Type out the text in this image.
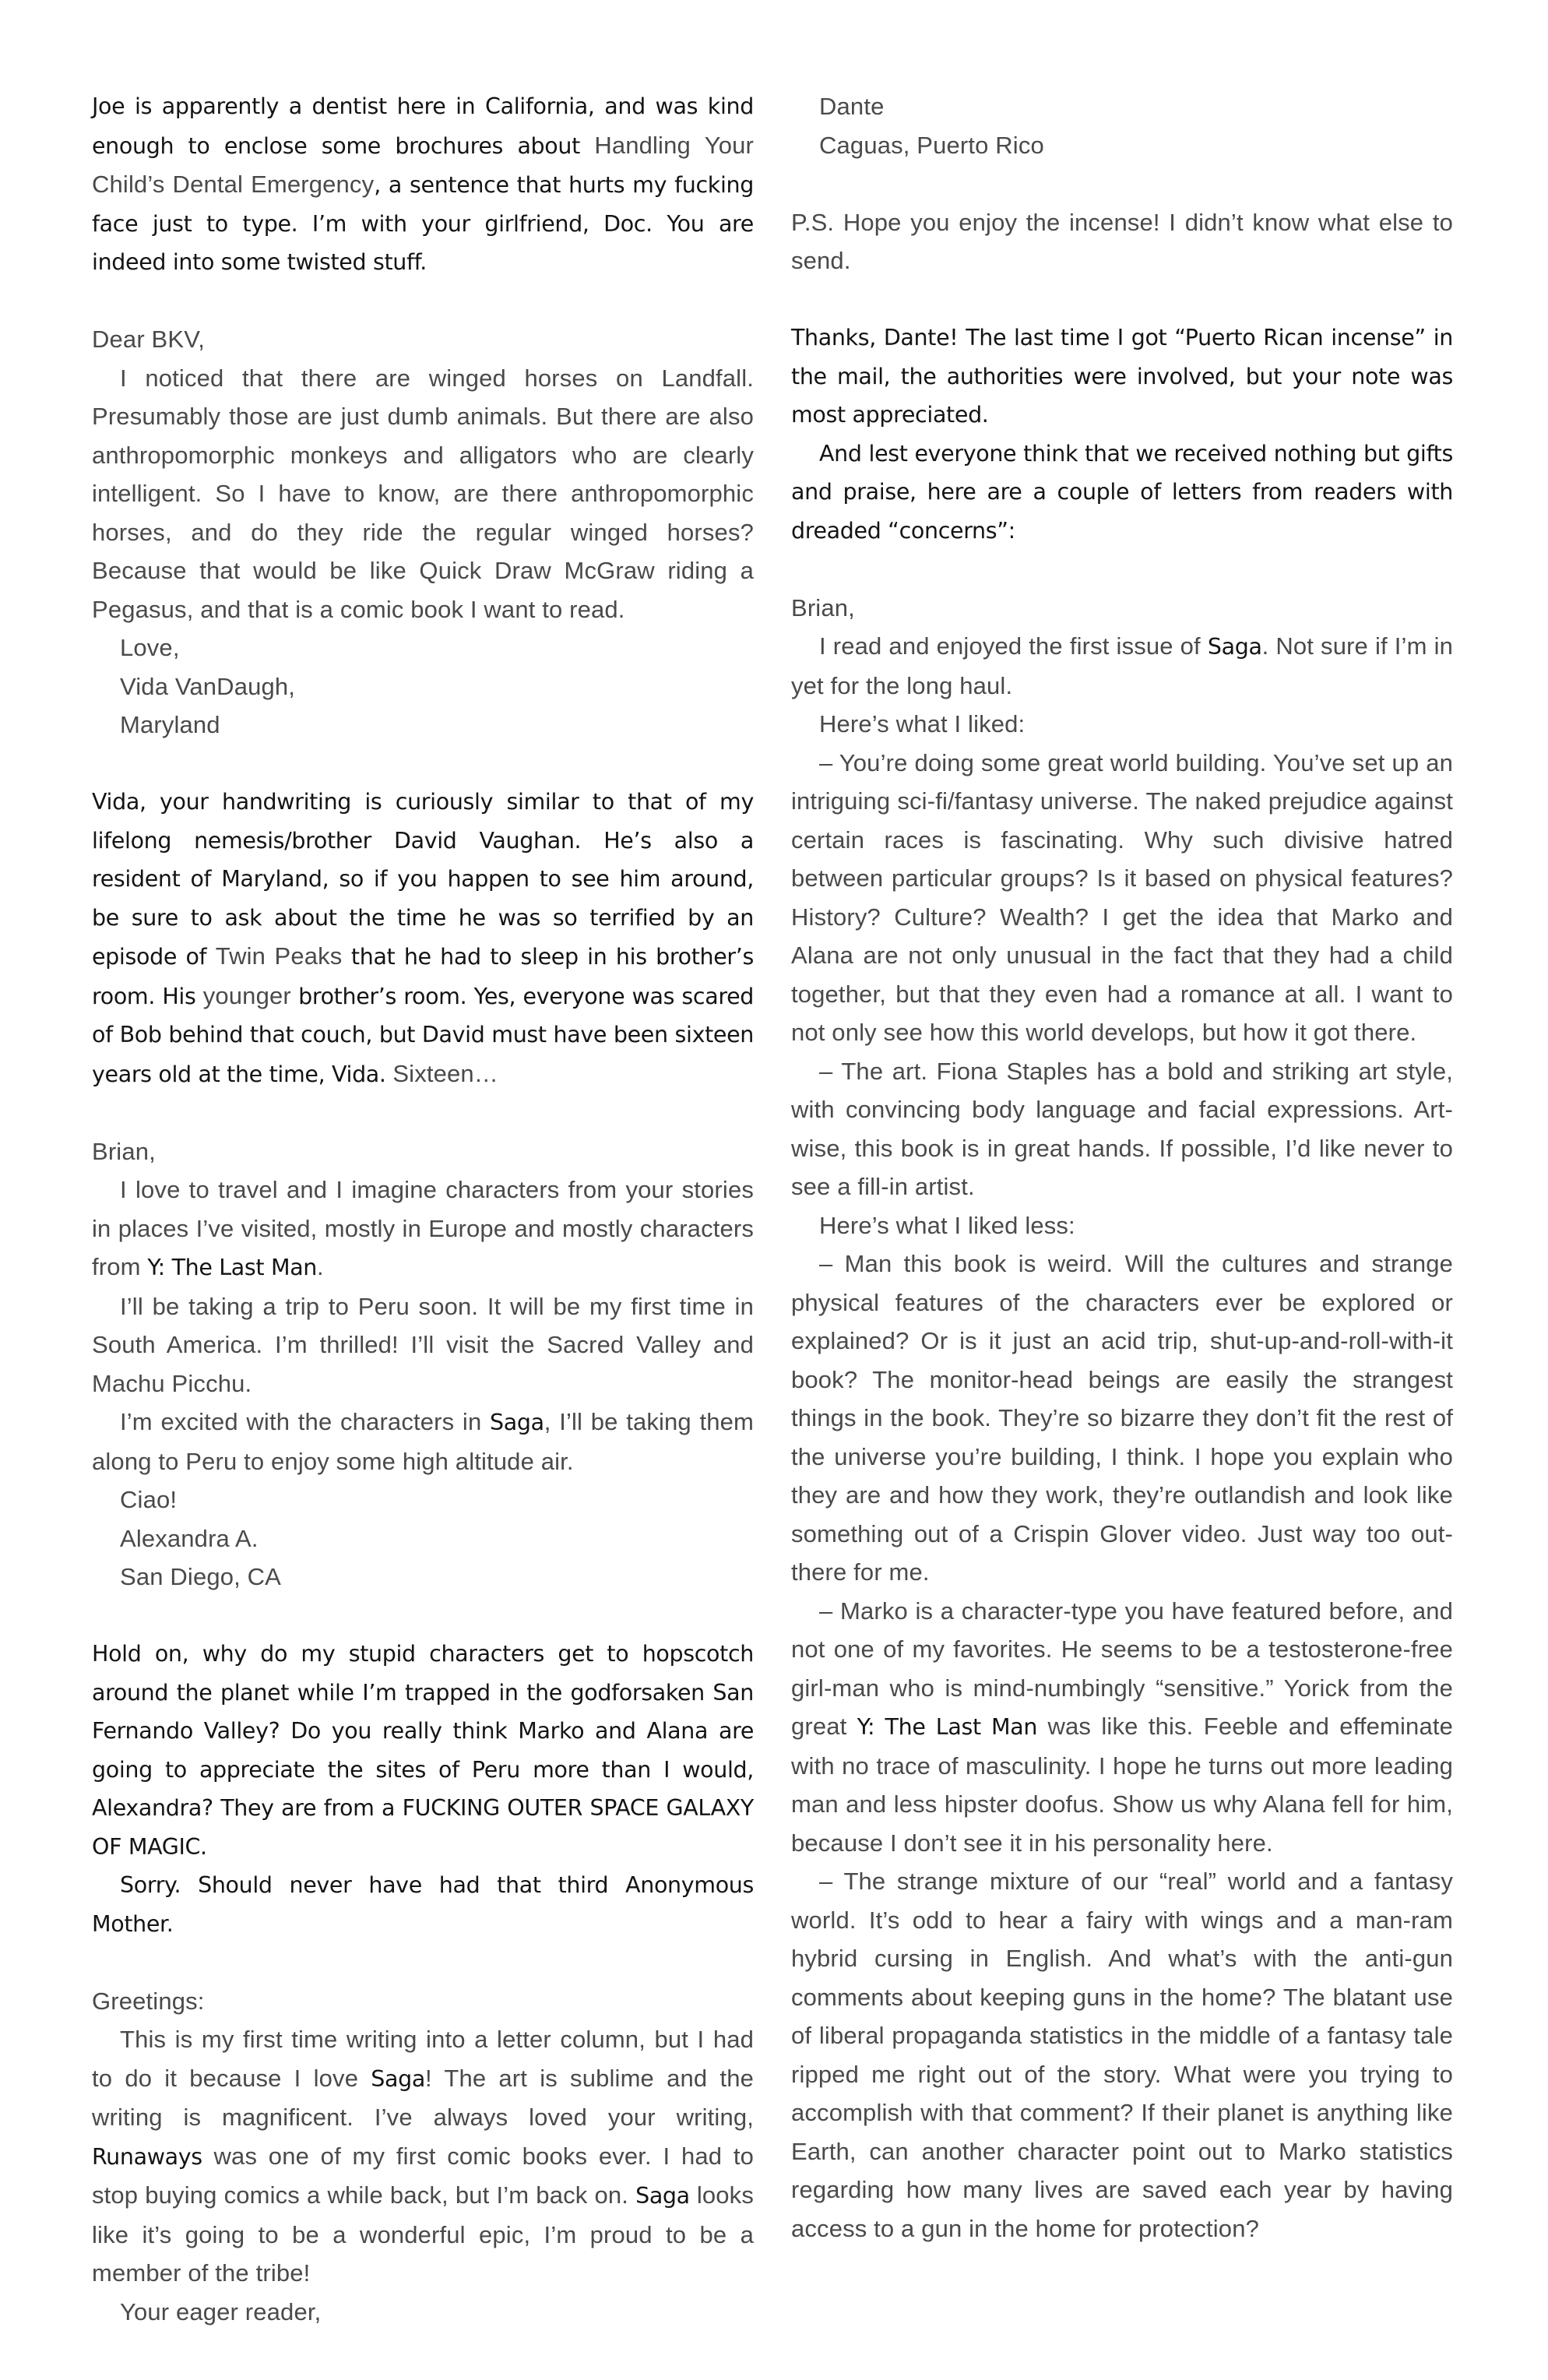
Joe is apparently a dentist here in California, and was kind enough to enclose some brochures about Handling Your Child’s Dental Emergency, a sentence that hurts my fucking face just to type. I’m with your girlfriend, Doc. You are indeed into some twisted stuff.

Dear BKV,

I noticed that there are winged horses on Landfall. Presumably those are just dumb animals. But there are also anthropomorphic monkeys and alligators who are clearly intelligent. So I have to know, are there anthropomorphic horses, and do they ride the regular winged horses? Because that would be like Quick Draw McGraw riding a Pegasus, and that is a comic book I want to read.

Love,

Vida VanDaugh,

Maryland

Vida, your handwriting is curiously similar to that of my lifelong nemesis/brother David Vaughan. He’s also a resident of Maryland, so if you happen to see him around, be sure to ask about the time he was so terrified by an episode of Twin Peaks that he had to sleep in his brother’s room. His younger brother’s room. Yes, everyone was scared of Bob behind that couch, but David must have been sixteen years old at the time, Vida. Sixteen…

Brian,

I love to travel and I imagine characters from your stories in places I’ve visited, mostly in Europe and mostly characters from Y: The Last Man.

I’ll be taking a trip to Peru soon. It will be my first time in South America. I’m thrilled! I’ll visit the Sacred Valley and Machu Picchu.

I’m excited with the characters in Saga, I’ll be taking them along to Peru to enjoy some high altitude air.

Ciao!

Alexandra A.

San Diego, CA

Hold on, why do my stupid characters get to hopscotch around the planet while I’m trapped in the godforsaken San Fernando Valley? Do you really think Marko and Alana are going to appreciate the sites of Peru more than I would, Alexandra? They are from a FUCKING OUTER SPACE GALAXY OF MAGIC.

Sorry. Should never have had that third Anonymous Mother.

Greetings:

This is my first time writing into a letter column, but I had to do it because I love Saga! The art is sublime and the writing is magnificent. I’ve always loved your writing, Runaways was one of my first comic books ever. I had to stop buying comics a while back, but I’m back on. Saga looks like it’s going to be a wonderful epic, I’m proud to be a member of the tribe!

Your eager reader,

Dante

Caguas, Puerto Rico

P.S. Hope you enjoy the incense! I didn’t know what else to send.

Thanks, Dante! The last time I got “Puerto Rican incense” in the mail, the authorities were involved, but your note was most appreciated.

And lest everyone think that we received nothing but gifts and praise, here are a couple of letters from readers with dreaded “concerns”:

Brian,

I read and enjoyed the first issue of Saga. Not sure if I’m in yet for the long haul.

Here’s what I liked:

– You’re doing some great world building. You’ve set up an intriguing sci-fi/fantasy universe. The naked prejudice against certain races is fascinating. Why such divisive hatred between particular groups? Is it based on physical features? History? Culture? Wealth? I get the idea that Marko and Alana are not only unusual in the fact that they had a child together, but that they even had a romance at all. I want to not only see how this world develops, but how it got there.

– The art. Fiona Staples has a bold and striking art style, with convincing body language and facial expressions. Art-wise, this book is in great hands. If possible, I’d like never to see a fill-in artist.

Here’s what I liked less:

– Man this book is weird. Will the cultures and strange physical features of the characters ever be explored or explained? Or is it just an acid trip, shut-up-and-roll-with-it book? The monitor-head beings are easily the strangest things in the book. They’re so bizarre they don’t fit the rest of the universe you’re building, I think. I hope you explain who they are and how they work, they’re outlandish and look like something out of a Crispin Glover video. Just way too out-there for me.

– Marko is a character-type you have featured before, and not one of my favorites. He seems to be a testosterone-free girl-man who is mind-numbingly “sensitive.” Yorick from the great Y: The Last Man was like this. Feeble and effeminate with no trace of masculinity. I hope he turns out more leading man and less hipster doofus. Show us why Alana fell for him, because I don’t see it in his personality here.

– The strange mixture of our “real” world and a fantasy world. It’s odd to hear a fairy with wings and a man-ram hybrid cursing in English. And what’s with the anti-gun comments about keeping guns in the home? The blatant use of liberal propaganda statistics in the middle of a fantasy tale ripped me right out of the story. What were you trying to accomplish with that comment? If their planet is anything like Earth, can another character point out to Marko statistics regarding how many lives are saved each year by having access to a gun in the home for protection?
